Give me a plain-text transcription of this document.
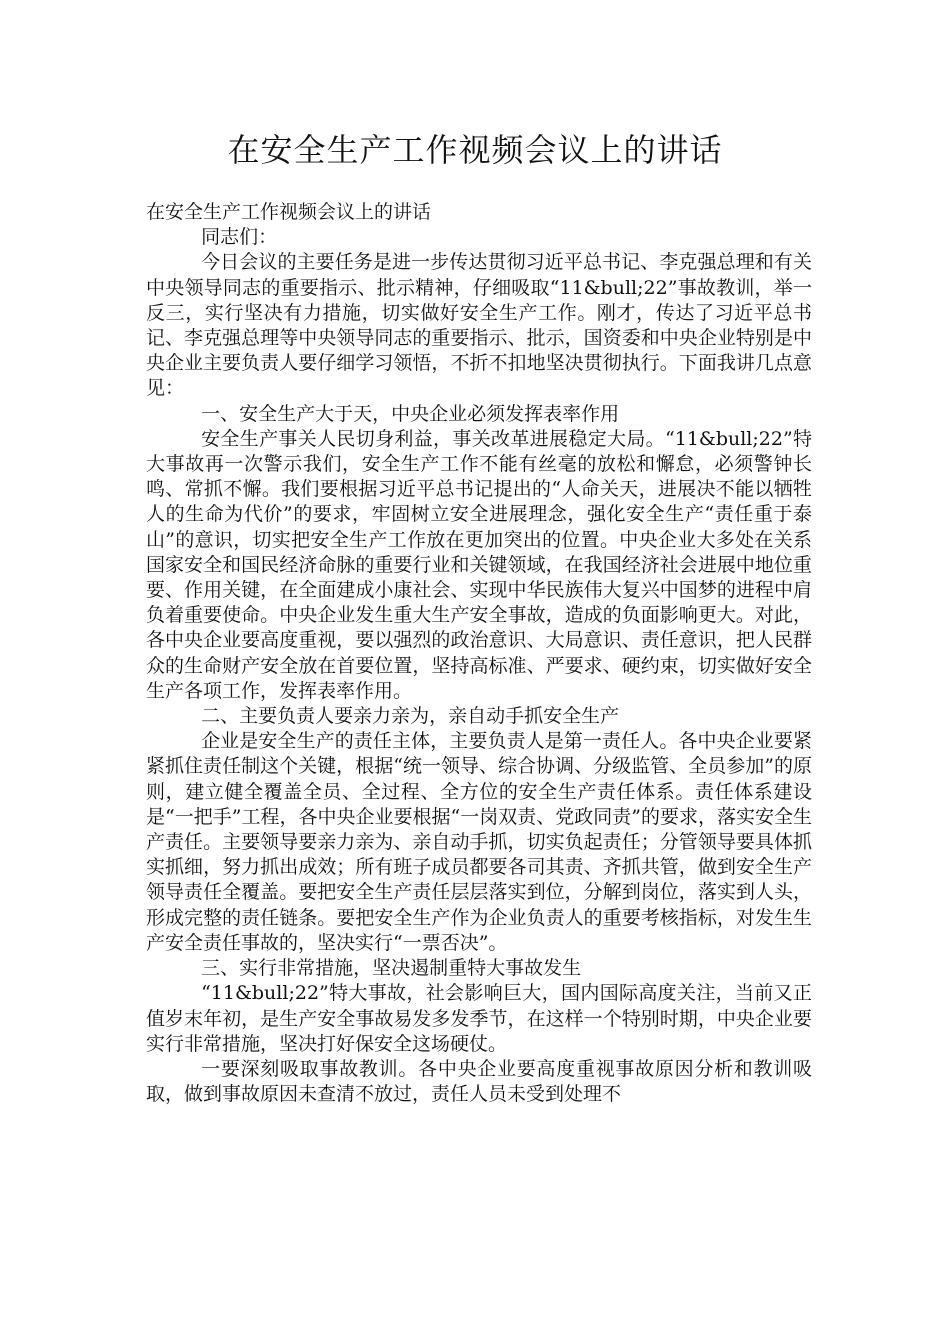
在安全生产工作视频会议上的讲话

在安全生产工作视频会议上的讲话

同志们：

今日会议的主要任务是进一步传达贯彻习近平总书记、李克强总理和有关中央领导同志的重要指示、批示精神，仔细吸取“11&bull;22”事故教训，举一反三，实行坚决有力措施，切实做好安全生产工作。刚才，传达了习近平总书记、李克强总理等中央领导同志的重要指示、批示，国资委和中央企业特别是中央企业主要负责人要仔细学习领悟，不折不扣地坚决贯彻执行。下面我讲几点意见：

一、安全生产大于天，中央企业必须发挥表率作用

安全生产事关人民切身利益，事关改革进展稳定大局。“11&bull;22”特大事故再一次警示我们，安全生产工作不能有丝毫的放松和懈怠，必须警钟长鸣、常抓不懈。我们要根据习近平总书记提出的“人命关天，进展决不能以牺牲人的生命为代价”的要求，牢固树立安全进展理念，强化安全生产“责任重于泰山”的意识，切实把安全生产工作放在更加突出的位置。中央企业大多处在关系国家安全和国民经济命脉的重要行业和关键领域，在我国经济社会进展中地位重要、作用关键，在全面建成小康社会、实现中华民族伟大复兴中国梦的进程中肩负着重要使命。中央企业发生重大生产安全事故，造成的负面影响更大。对此，各中央企业要高度重视，要以强烈的政治意识、大局意识、责任意识，把人民群众的生命财产安全放在首要位置，坚持高标准、严要求、硬约束，切实做好安全生产各项工作，发挥表率作用。

二、主要负责人要亲力亲为，亲自动手抓安全生产

企业是安全生产的责任主体，主要负责人是第一责任人。各中央企业要紧紧抓住责任制这个关键，根据“统一领导、综合协调、分级监管、全员参加”的原则，建立健全覆盖全员、全过程、全方位的安全生产责任体系。责任体系建设是“一把手”工程，各中央企业要根据“一岗双责、党政同责”的要求，落实安全生产责任。主要领导要亲力亲为、亲自动手抓，切实负起责任；分管领导要具体抓实抓细，努力抓出成效；所有班子成员都要各司其责、齐抓共管，做到安全生产领导责任全覆盖。要把安全生产责任层层落实到位，分解到岗位，落实到人头，形成完整的责任链条。要把安全生产作为企业负责人的重要考核指标，对发生生产安全责任事故的，坚决实行“一票否决”。

三、实行非常措施，坚决遏制重特大事故发生

“11&bull;22”特大事故，社会影响巨大，国内国际高度关注，当前又正值岁末年初，是生产安全事故易发多发季节，在这样一个特别时期，中央企业要实行非常措施，坚决打好保安全这场硬仗。

一要深刻吸取事故教训。各中央企业要高度重视事故原因分析和教训吸取，做到事故原因未查清不放过，责任人员未受到处理不
